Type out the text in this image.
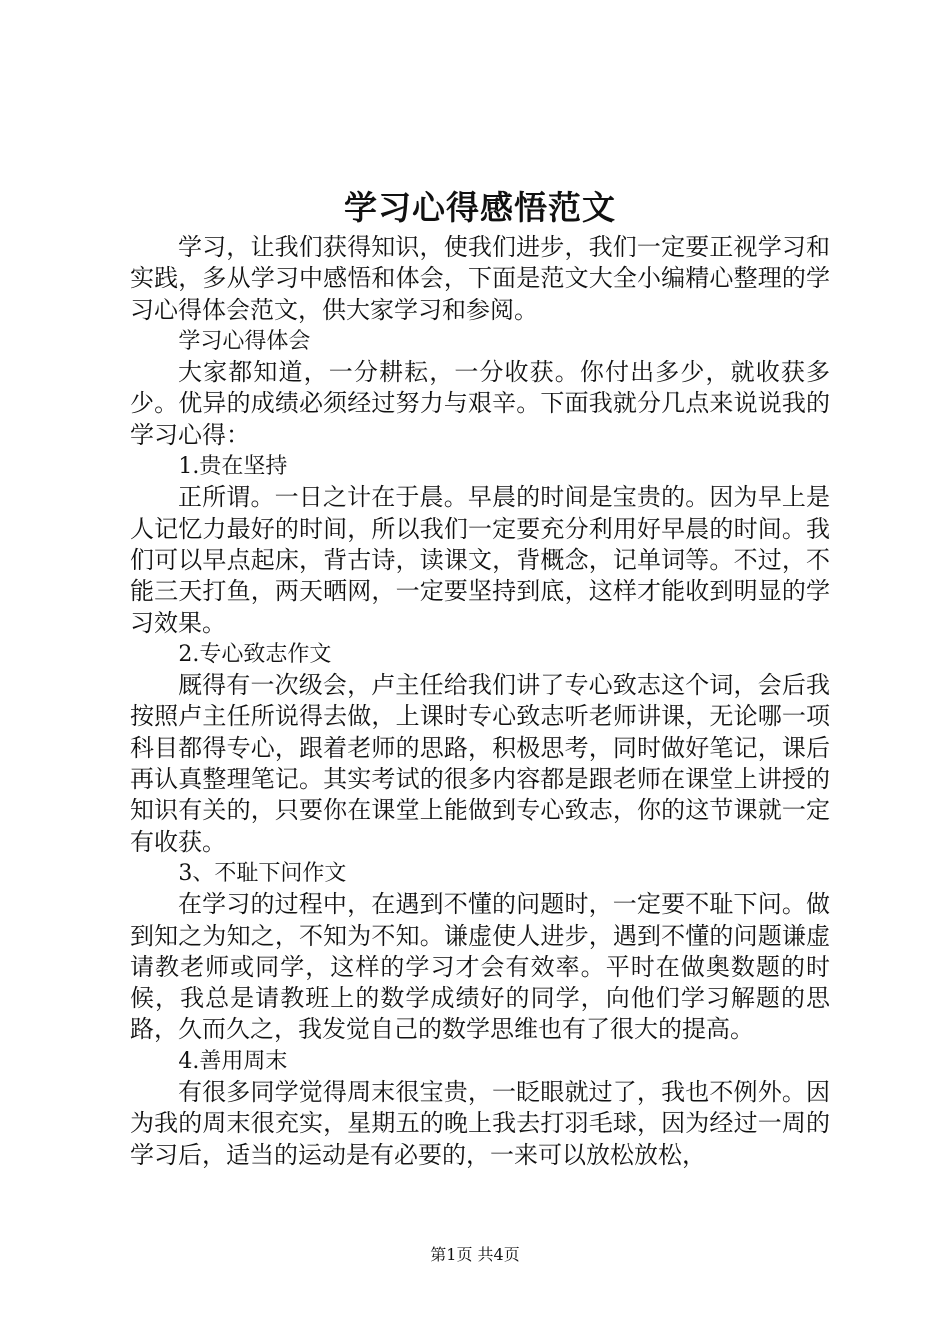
学习心得感悟范文

学习，让我们获得知识，使我们进步，我们一定要正视学习和实践，多从学习中感悟和体会，下面是范文大全小编精心整理的学习心得体会范文，供大家学习和参阅。

学习心得体会

大家都知道，一分耕耘，一分收获。你付出多少，就收获多少。优异的成绩必须经过努力与艰辛。下面我就分几点来说说我的学习心得：

1.贵在坚持

正所谓。一日之计在于晨。早晨的时间是宝贵的。因为早上是人记忆力最好的时间，所以我们一定要充分利用好早晨的时间。我们可以早点起床，背古诗，读课文，背概念，记单词等。不过，不能三天打鱼，两天晒网，一定要坚持到底，这样才能收到明显的学习效果。

2.专心致志作文

厩得有一次级会，卢主任给我们讲了专心致志这个词，会后我按照卢主任所说得去做，上课时专心致志听老师讲课，无论哪一项科目都得专心，跟着老师的思路，积极思考，同时做好笔记，课后再认真整理笔记。其实考试的很多内容都是跟老师在课堂上讲授的知识有关的，只要你在课堂上能做到专心致志，你的这节课就一定有收获。

3、不耻下问作文

在学习的过程中，在遇到不懂的问题时，一定要不耻下问。做到知之为知之，不知为不知。谦虚使人进步，遇到不懂的问题谦虚请教老师或同学，这样的学习才会有效率。平时在做奥数题的时候，我总是请教班上的数学成绩好的同学，向他们学习解题的思路，久而久之，我发觉自己的数学思维也有了很大的提高。

4.善用周末

有很多同学觉得周末很宝贵，一眨眼就过了，我也不例外。因为我的周末很充实，星期五的晚上我去打羽毛球，因为经过一周的学习后，适当的运动是有必要的，一来可以放松放松，

第1页 共4页
